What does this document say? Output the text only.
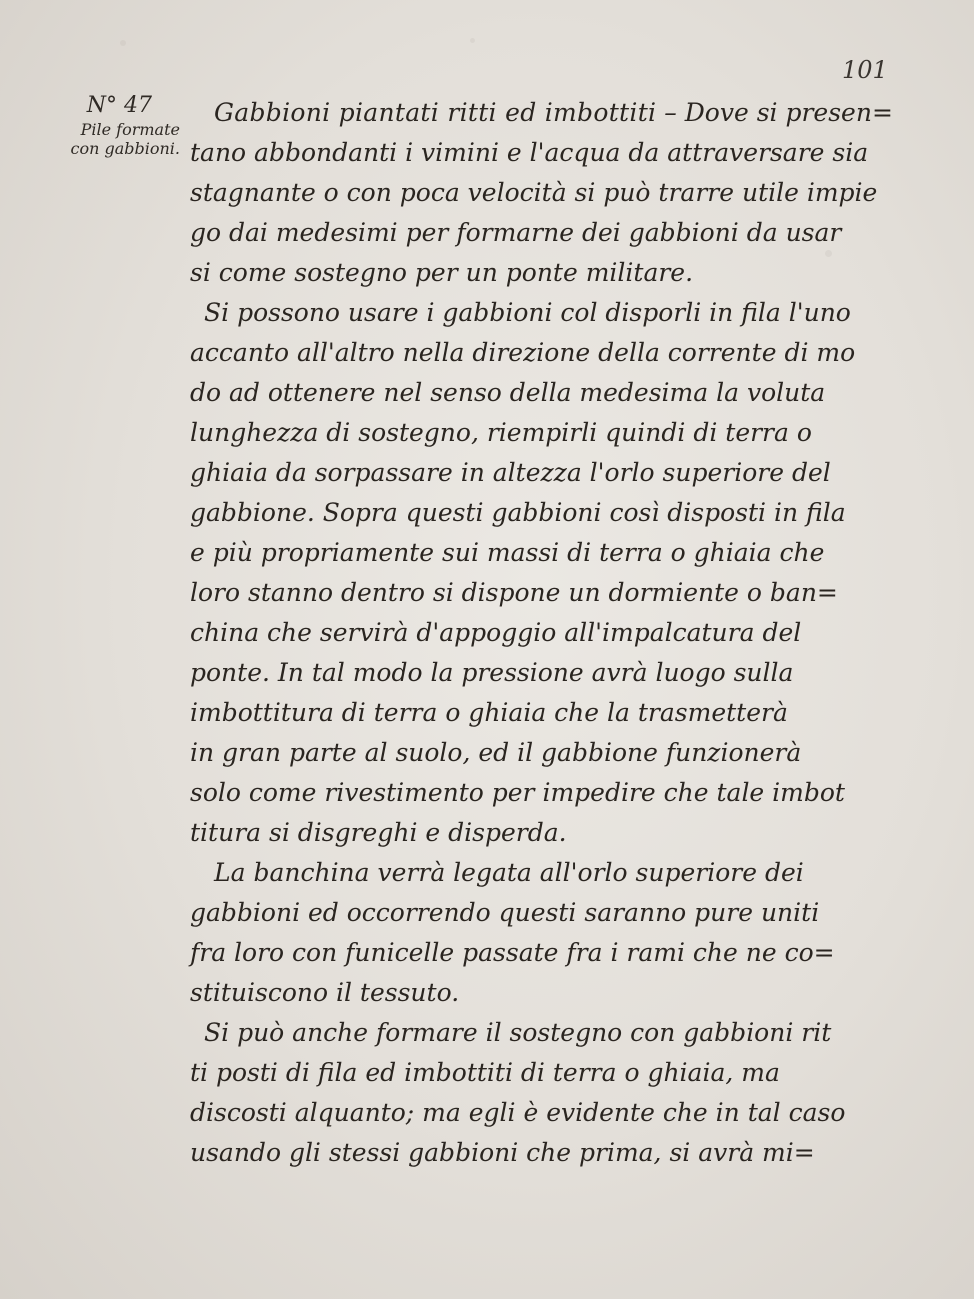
101
N° 47
Pile formate
con gabbioni.
Gabbioni piantati ritti ed imbottiti – Dove si presen=
tano abbondanti i vimini e l'acqua da attraversare sia
stagnante o con poca velocità si può trarre utile impie
go dai medesimi per formarne dei gabbioni da usar
si come sostegno per un ponte militare.
Si possono usare i gabbioni col disporli in fila l'uno
accanto all'altro nella direzione della corrente di mo
do ad ottenere nel senso della medesima la voluta
lunghezza di sostegno, riempirli quindi di terra o
ghiaia da sorpassare in altezza l'orlo superiore del
gabbione. Sopra questi gabbioni così disposti in fila
e più propriamente sui massi di terra o ghiaia che
loro stanno dentro si dispone un dormiente o ban=
china che servirà d'appoggio all'impalcatura del
ponte. In tal modo la pressione avrà luogo sulla
imbottitura di terra o ghiaia che la trasmetterà
in gran parte al suolo, ed il gabbione funzionerà
solo come rivestimento per impedire che tale imbot
titura si disgreghi e disperda.
La banchina verrà legata all'orlo superiore dei
gabbioni ed occorrendo questi saranno pure uniti
fra loro con funicelle passate fra i rami che ne co=
stituiscono il tessuto.
Si può anche formare il sostegno con gabbioni rit
ti posti di fila ed imbottiti di terra o ghiaia, ma
discosti alquanto; ma egli è evidente che in tal caso
usando gli stessi gabbioni che prima, si avrà mi=
